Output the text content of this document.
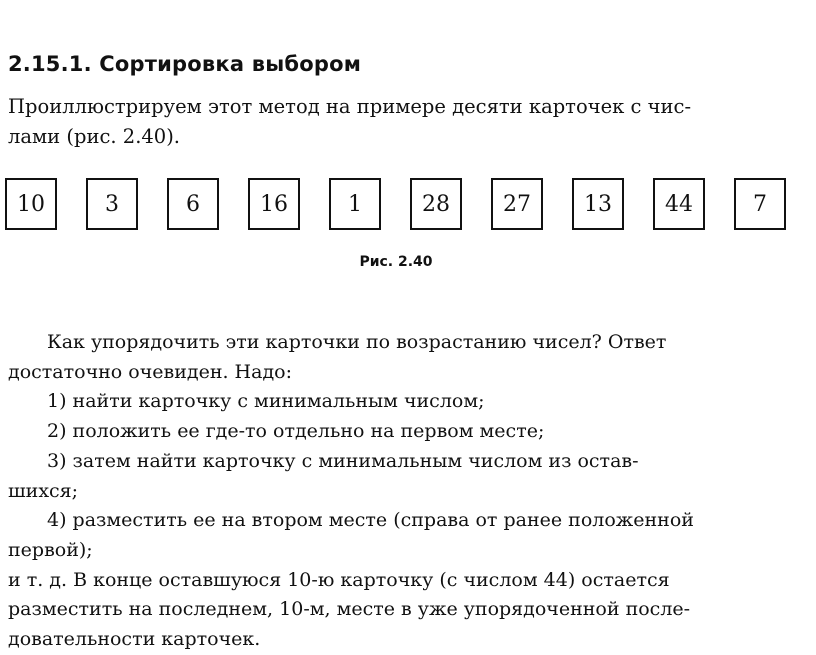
2.15.1. Сортировка выбором

Проиллюстрируем этот метод на примере десяти карточек с чис-
лами (рис. 2.40).

10	3	6	16	1	28	27	13	44	7
Рис. 2.40
Как упорядочить эти карточки по возрастанию чисел? Ответ
достаточно очевиден. Надо:
1) найти карточку с минимальным числом;
2) положить ее где-то отдельно на первом месте;
3) затем найти карточку с минимальным числом из остав-
шихся;
4) разместить ее на втором месте (справа от ранее положенной
первой);
и т. д. В конце оставшуюся 10-ю карточку (с числом 44) остается
разместить на последнем, 10-м, месте в уже упорядоченной после-
довательности карточек.
